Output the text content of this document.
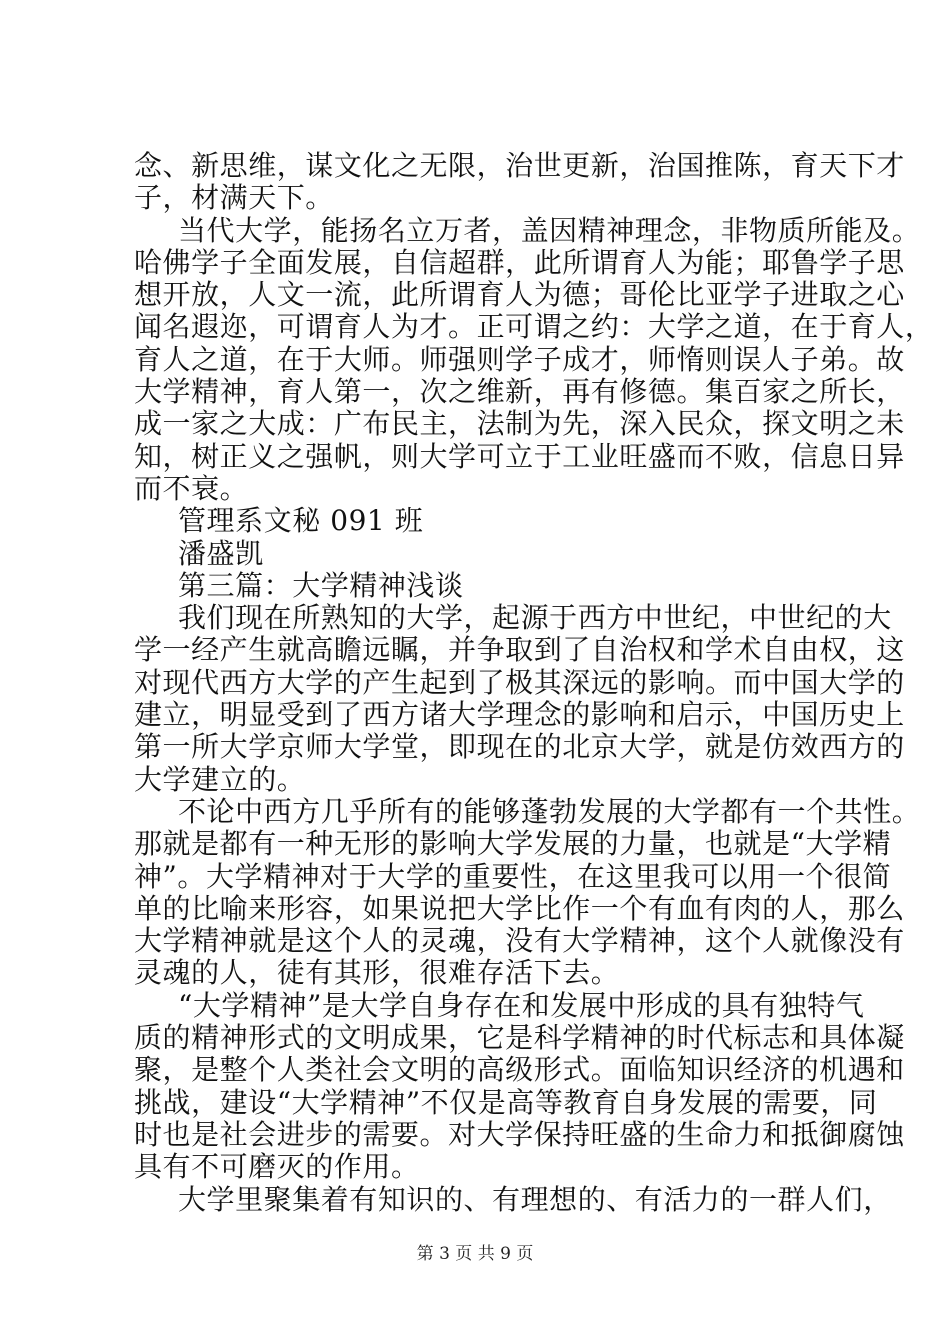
念、新思维，谋文化之无限，治世更新，治国推陈，育天下才
子，材满天下。
当代大学，能扬名立万者，盖因精神理念，非物质所能及。
哈佛学子全面发展，自信超群，此所谓育人为能；耶鲁学子思
想开放，人文一流，此所谓育人为德；哥伦比亚学子进取之心
闻名遐迩，可谓育人为才。正可谓之约：大学之道，在于育人，
育人之道，在于大师。师强则学子成才，师惰则误人子弟。故
大学精神，育人第一，次之维新，再有修德。集百家之所长，
成一家之大成：广布民主，法制为先，深入民众，探文明之未
知，树正义之强帆，则大学可立于工业旺盛而不败，信息日异
而不衰。
管理系文秘 091 班
潘盛凯
第三篇：大学精神浅谈
我们现在所熟知的大学，起源于西方中世纪，中世纪的大
学一经产生就高瞻远瞩，并争取到了自治权和学术自由权，这
对现代西方大学的产生起到了极其深远的影响。而中国大学的
建立，明显受到了西方诸大学理念的影响和启示，中国历史上
第一所大学京师大学堂，即现在的北京大学，就是仿效西方的
大学建立的。
不论中西方几乎所有的能够蓬勃发展的大学都有一个共性。
那就是都有一种无形的影响大学发展的力量，也就是“大学精
神”。大学精神对于大学的重要性，在这里我可以用一个很简
单的比喻来形容，如果说把大学比作一个有血有肉的人，那么
大学精神就是这个人的灵魂，没有大学精神，这个人就像没有
灵魂的人，徒有其形，很难存活下去。
“大学精神”是大学自身存在和发展中形成的具有独特气
质的精神形式的文明成果，它是科学精神的时代标志和具体凝
聚，是整个人类社会文明的高级形式。面临知识经济的机遇和
挑战，建设“大学精神”不仅是高等教育自身发展的需要，同
时也是社会进步的需要。对大学保持旺盛的生命力和抵御腐蚀
具有不可磨灭的作用。
大学里聚集着有知识的、有理想的、有活力的一群人们，
第 3 页 共 9 页
